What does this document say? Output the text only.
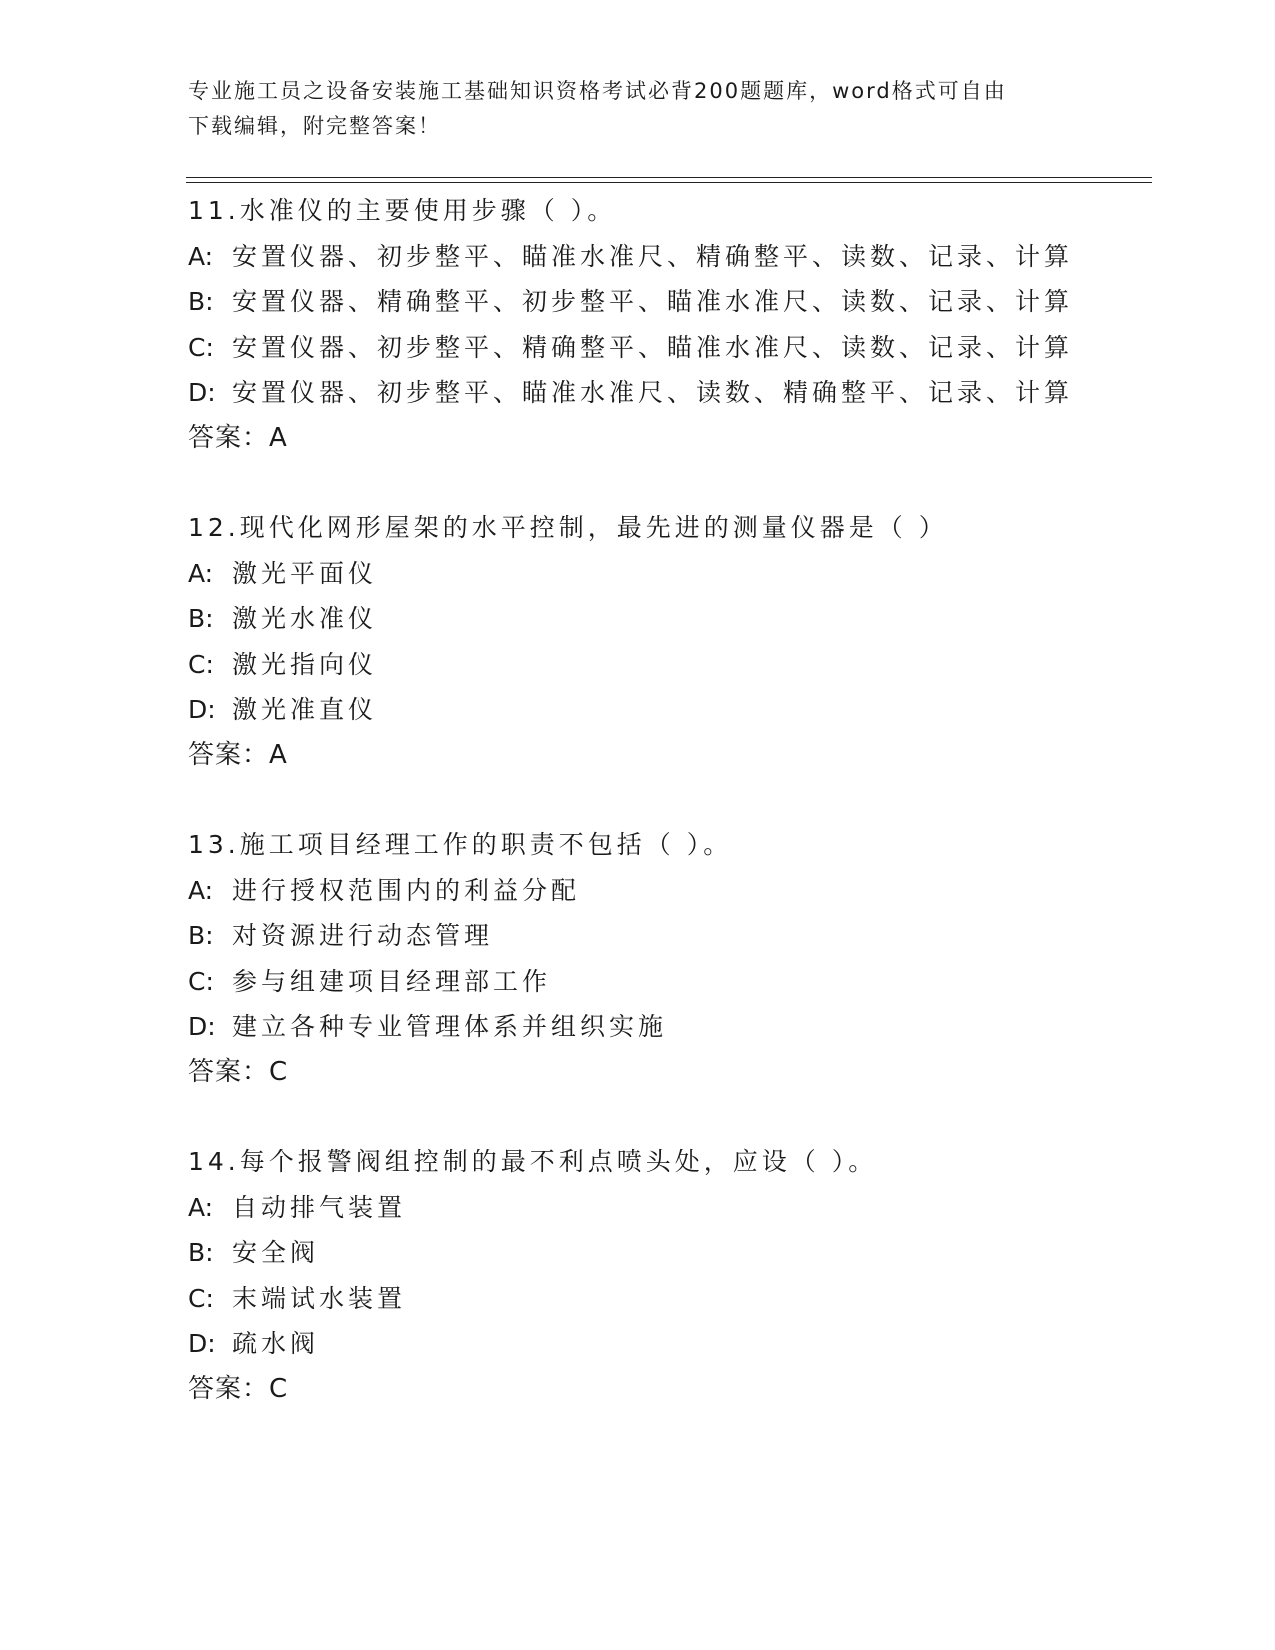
专业施工员之设备安装施工基础知识资格考试必背200题题库，word格式可自由
下载编辑，附完整答案！
11.水准仪的主要使用步骤（ ）。
A: 安置仪器、初步整平、瞄准水准尺、精确整平、读数、记录、计算
B: 安置仪器、精确整平、初步整平、瞄准水准尺、读数、记录、计算
C: 安置仪器、初步整平、精确整平、瞄准水准尺、读数、记录、计算
D: 安置仪器、初步整平、瞄准水准尺、读数、精确整平、记录、计算
答案：A
12.现代化网形屋架的水平控制，最先进的测量仪器是（ ）
A: 激光平面仪
B: 激光水准仪
C: 激光指向仪
D: 激光准直仪
答案：A
13.施工项目经理工作的职责不包括（ ）。
A: 进行授权范围内的利益分配
B: 对资源进行动态管理
C: 参与组建项目经理部工作
D: 建立各种专业管理体系并组织实施
答案：C
14.每个报警阀组控制的最不利点喷头处，应设（ ）。
A: 自动排气装置
B: 安全阀
C: 末端试水装置
D: 疏水阀
答案：C
